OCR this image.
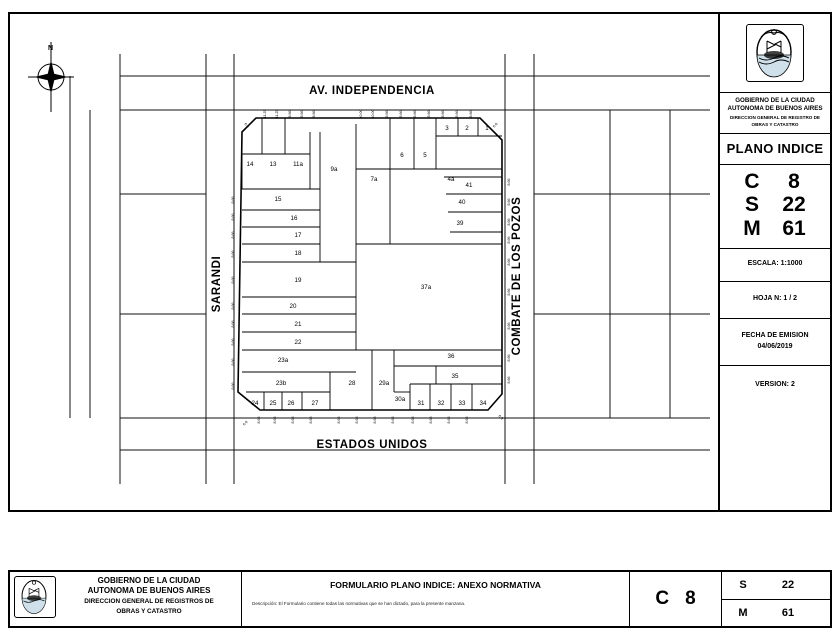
14	13	11a
9a
7a
6	5
4a
3	2	1
41
40
39
15
16
17
18
19
20
21
22
23a
23b
24 25 26	27
28	29a
30a
31 32 33 34
35
36
37a
11.25 11.25	8.66 8.66 8.66	10.00 10.00	8.66	8.66	8.66	8.66	8.66	8.66	8.66
8.66
8.66
8.66
8.66
8.66
8.66
8.66
8.66
8.66
8.66
8.66
8.66
8.66
8.66
8.66
8.66
8.66
8.66
8.66
8.66	8.66	8.66	8.66	8.66	8.66	8.66	8.66	8.66	8.66	8.66	8.66
6.0
6.0
6.0	6.0
AV. INDEPENDENCIA
ESTADOS UNIDOS
SARANDI	COMBATE DE LOS POZOS
N
GOBIERNO DE LA CIUDAD
AUTONOMA DE BUENOS AIRES
DIRECCION GENERAL DE REGISTRO DE
OBRAS Y CATASTRO
PLANO INDICE
C	8
S	22
M	61
ESCALA: 1:1000
HOJA N: 1 / 2
FECHA DE EMISION
04/06/2019
VERSION: 2
GOBIERNO DE LA CIUDAD
AUTONOMA DE BUENOS AIRES
DIRECCION GENERAL DE REGISTROS DE
OBRAS Y CATASTRO
FORMULARIO PLANO INDICE: ANEXO NORMATIVA
Descripción: El Formulario contiene todas las normativas que se han dictado, para la presente manzana.	C 8
S	22
M	61
